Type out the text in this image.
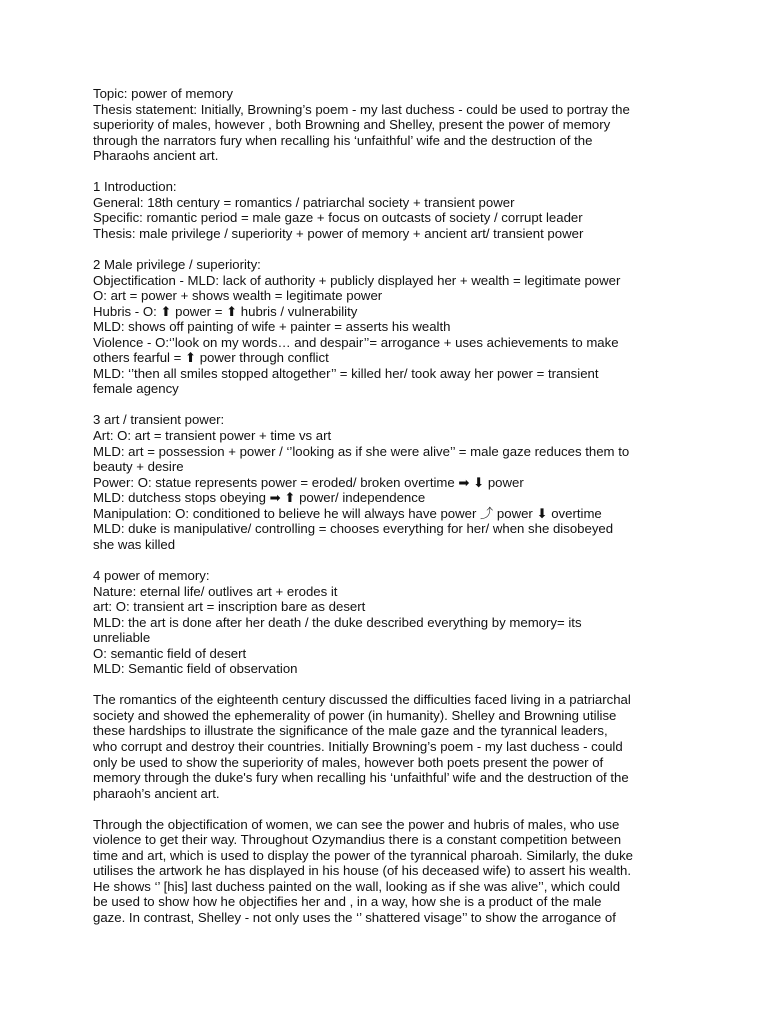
Topic: power of memory
Thesis statement: Initially, Browning’s poem - my last duchess - could be used to portray the
superiority of males, however , both Browning and Shelley, present the power of memory
through the narrators fury when recalling his ‘unfaithful’ wife and the destruction of the
Pharaohs ancient art.
1 Introduction:
General: 18th century = romantics / patriarchal society + transient power
Specific: romantic period = male gaze + focus on outcasts of society / corrupt leader
Thesis: male privilege / superiority + power of memory + ancient art/ transient power
2 Male privilege / superiority:
Objectification - MLD: lack of authority + publicly displayed her + wealth = legitimate power
O: art = power + shows wealth = legitimate power
Hubris - O: ⬆ power = ⬆ hubris / vulnerability
MLD: shows off painting of wife + painter = asserts his wealth
Violence - O:‘’look on my words… and despair’’= arrogance + uses achievements to make
others fearful = ⬆ power through conflict
MLD: ‘’then all smiles stopped altogether’’ = killed her/ took away her power = transient
female agency
3 art / transient power:
Art: O: art = transient power + time vs art
MLD: art = possession + power / ‘’looking as if she were alive’’ = male gaze reduces them to
beauty + desire
Power: O: statue represents power = eroded/ broken overtime ➡ ⬇ power
MLD: dutchess stops obeying ➡ ⬆ power/ independence
Manipulation: O: conditioned to believe he will always have power ⤴ power ⬇ overtime
MLD: duke is manipulative/ controlling = chooses everything for her/ when she disobeyed
she was killed
4 power of memory:
Nature: eternal life/ outlives art + erodes it
art: O: transient art = inscription bare as desert
MLD: the art is done after her death / the duke described everything by memory= its
unreliable
O: semantic field of desert
MLD: Semantic field of observation
The romantics of the eighteenth century discussed the difficulties faced living in a patriarchal
society and showed the ephemerality of power (in humanity). Shelley and Browning utilise
these hardships to illustrate the significance of the male gaze and the tyrannical leaders,
who corrupt and destroy their countries. Initially Browning’s poem - my last duchess - could
only be used to show the superiority of males, however both poets present the power of
memory through the duke's fury when recalling his ‘unfaithful’ wife and the destruction of the
pharaoh’s ancient art.
Through the objectification of women, we can see the power and hubris of males, who use
violence to get their way. Throughout Ozymandius there is a constant competition between
time and art, which is used to display the power of the tyrannical pharoah. Similarly, the duke
utilises the artwork he has displayed in his house (of his deceased wife) to assert his wealth.
He shows ‘’ [his] last duchess painted on the wall, looking as if she was alive’’, which could
be used to show how he objectifies her and , in a way, how she is a product of the male
gaze. In contrast, Shelley - not only uses the ‘’ shattered visage’’ to show the arrogance of
